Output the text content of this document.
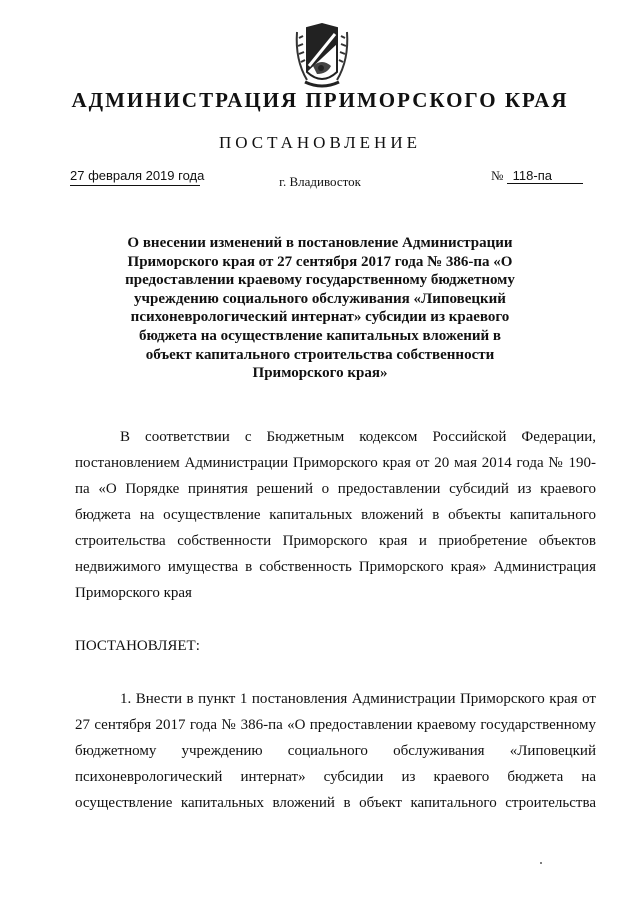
АДМИНИСТРАЦИЯ ПРИМОРСКОГО КРАЯ
ПОСТАНОВЛЕНИЕ
27 февраля 2019 года	г. Владивосток	№ 118-па
О внесении изменений в постановление Администрации Приморского края от 27 сентября 2017 года № 386-па «О предоставлении краевому государственному бюджетному учреждению социального обслуживания «Липовецкий психоневрологический интернат» субсидии из краевого бюджета на осуществление капитальных вложений в объект капитального строительства собственности Приморского края»
В соответствии с Бюджетным кодексом Российской Федерации, постановлением Администрации Приморского края от 20 мая 2014 года № 190-па «О Порядке принятия решений о предоставлении субсидий из краевого бюджета на осуществление капитальных вложений в объекты капитального строительства собственности Приморского края и приобретение объектов недвижимого имущества в собственность Приморского края» Администрация Приморского края
ПОСТАНОВЛЯЕТ:
1. Внести в пункт 1 постановления Администрации Приморского края от 27 сентября 2017 года № 386-па «О предоставлении краевому государственному бюджетному учреждению социального обслуживания «Липовецкий психоневрологический интернат» субсидии из краевого бюджета на осуществление капитальных вложений в объект капитального строительства
